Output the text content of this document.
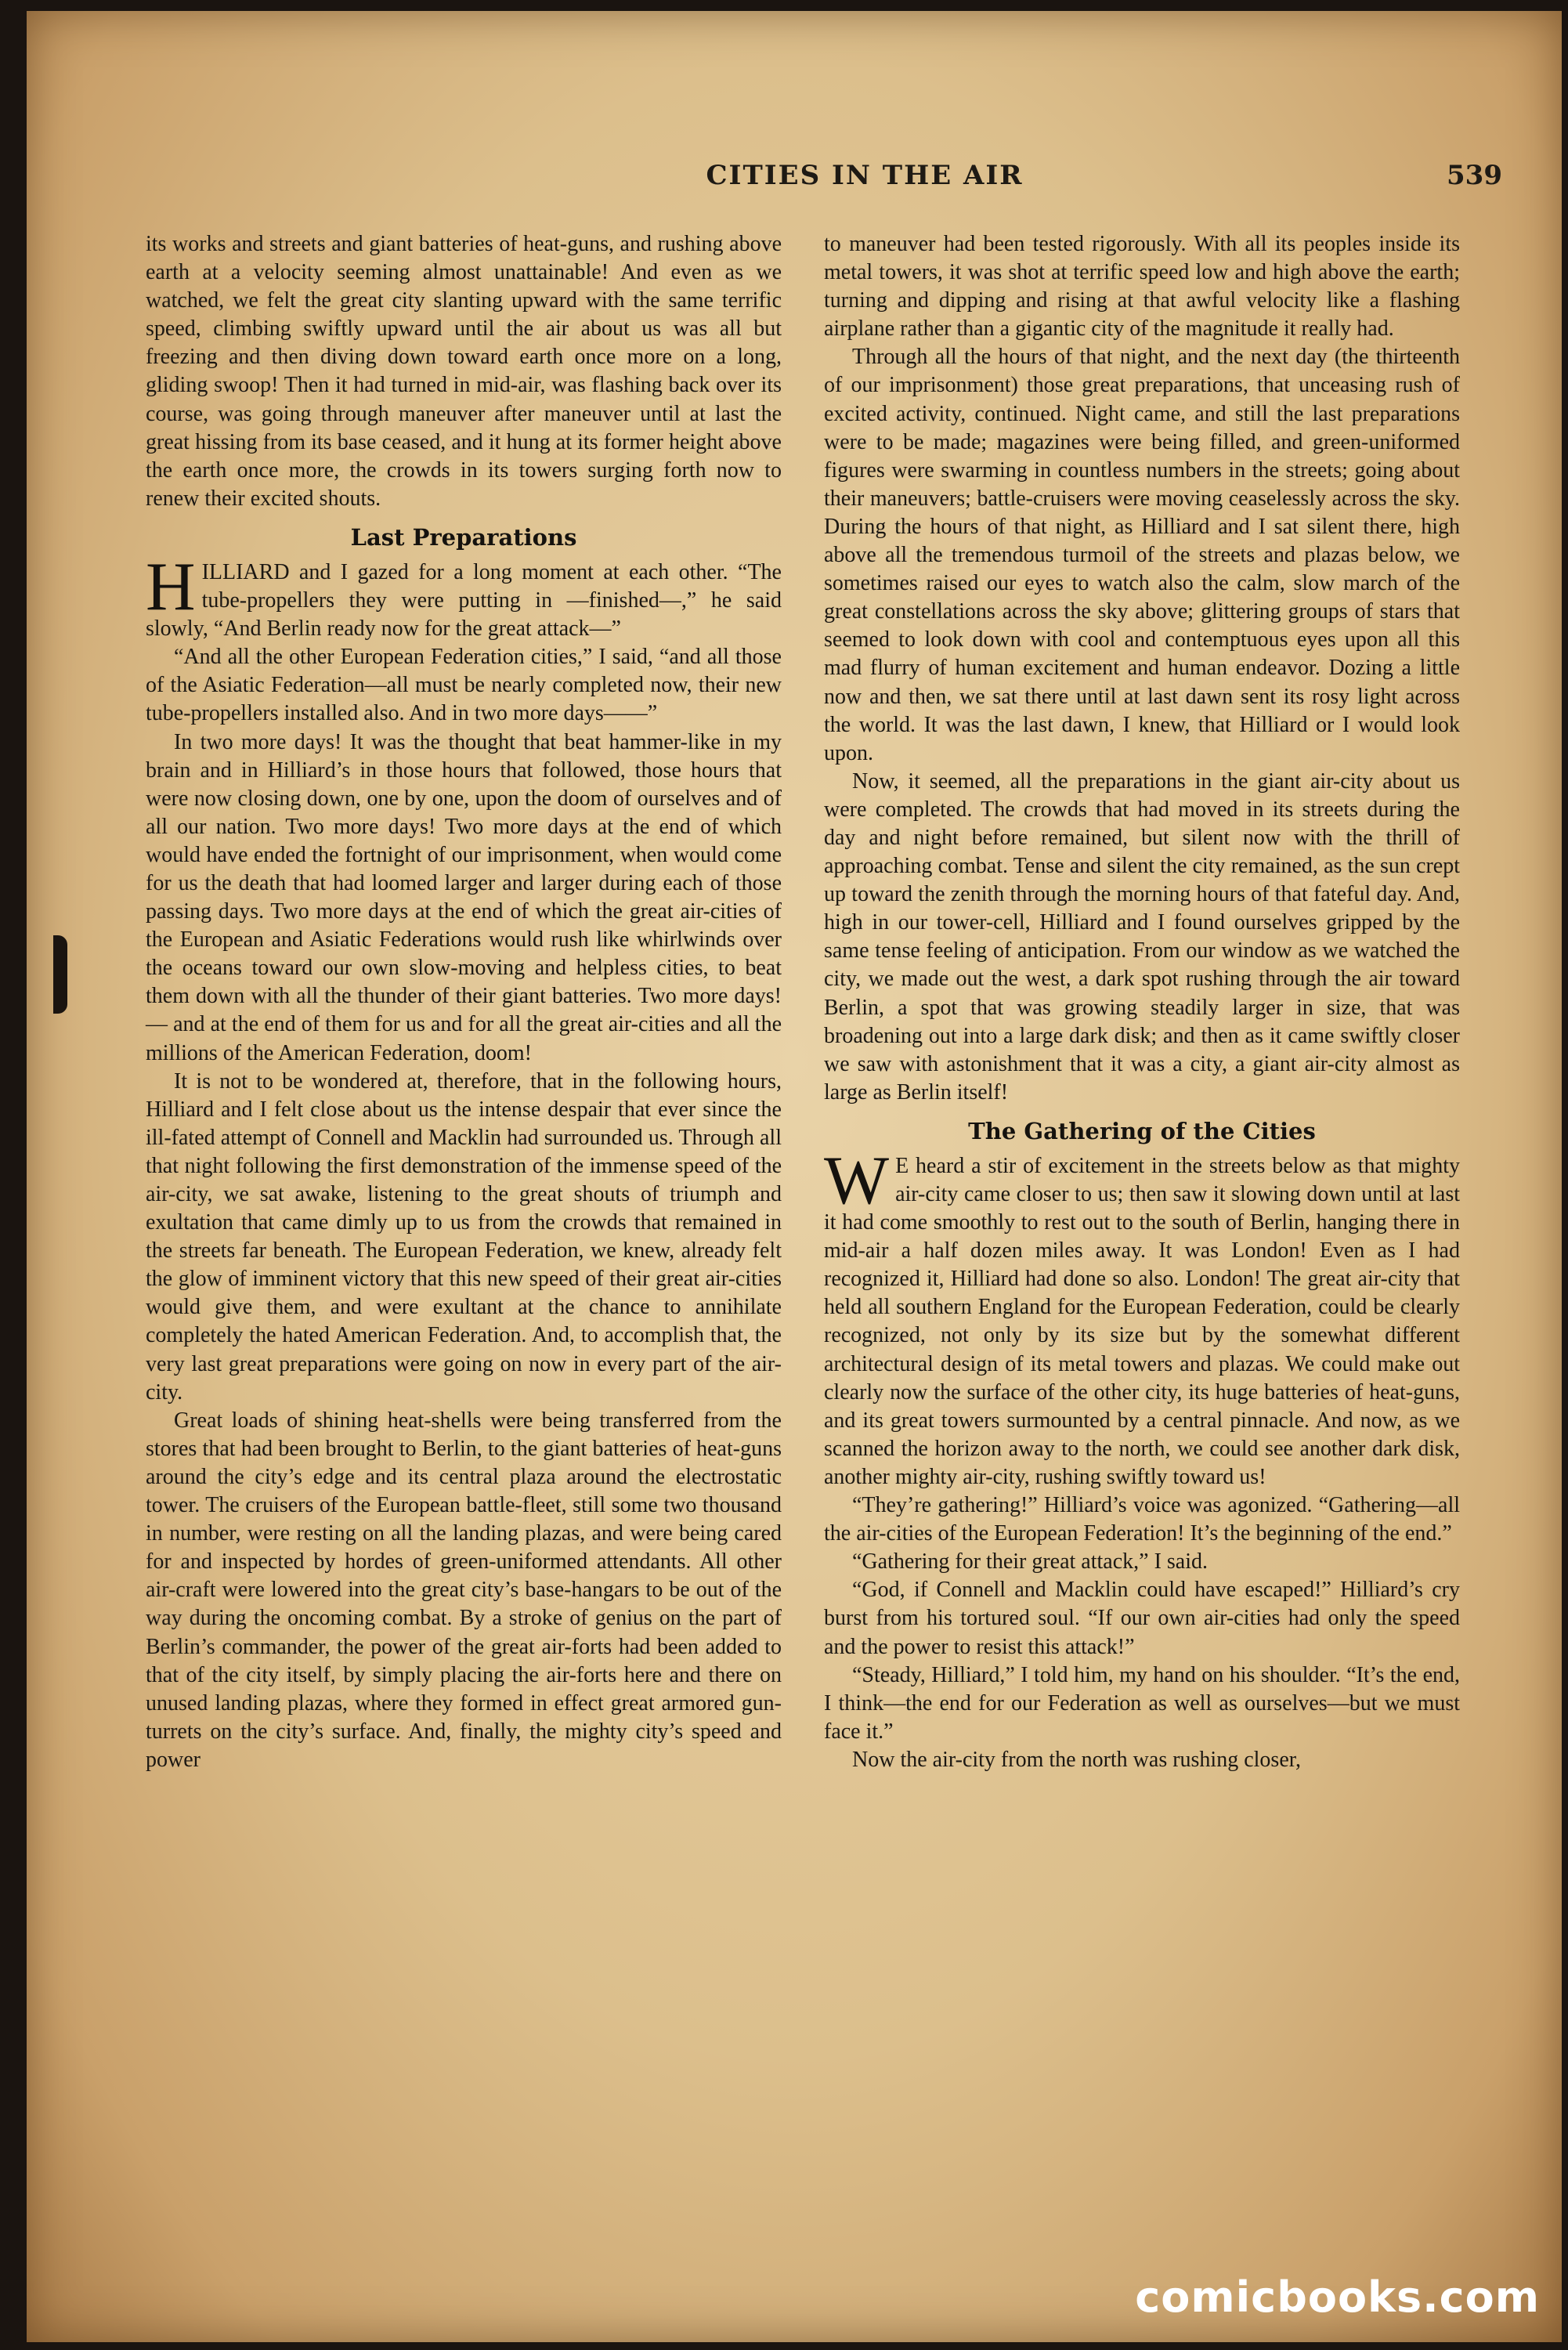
CITIES IN THE AIR	539

its works and streets and giant batteries of heat-guns, and rushing above earth at a velocity seeming almost unattainable! And even as we watched, we felt the great city slanting upward with the same terrific speed, climbing swiftly upward until the air about us was all but freezing and then diving down toward earth once more on a long, gliding swoop! Then it had turned in mid-air, was flashing back over its course, was going through maneuver after maneuver until at last the great hissing from its base ceased, and it hung at its former height above the earth once more, the crowds in its towers surging forth now to renew their excited shouts.

Last Preparations

HILLIARD and I gazed for a long moment at each other. “The tube-propellers they were putting in —finished—,” he said slowly, “And Berlin ready now for the great attack—”

“And all the other European Federation cities,” I said, “and all those of the Asiatic Federation—all must be nearly completed now, their new tube-propellers installed also. And in two more days——”

In two more days! It was the thought that beat hammer-like in my brain and in Hilliard’s in those hours that followed, those hours that were now closing down, one by one, upon the doom of ourselves and of all our nation. Two more days! Two more days at the end of which would have ended the fortnight of our imprisonment, when would come for us the death that had loomed larger and larger during each of those passing days. Two more days at the end of which the great air-cities of the European and Asiatic Federations would rush like whirlwinds over the oceans toward our own slow-moving and helpless cities, to beat them down with all the thunder of their giant batteries. Two more days!— and at the end of them for us and for all the great air-cities and all the millions of the American Federation, doom!

It is not to be wondered at, therefore, that in the following hours, Hilliard and I felt close about us the intense despair that ever since the ill-fated attempt of Connell and Macklin had surrounded us. Through all that night following the first demonstration of the immense speed of the air-city, we sat awake, listening to the great shouts of triumph and exultation that came dimly up to us from the crowds that remained in the streets far beneath. The European Federation, we knew, already felt the glow of imminent victory that this new speed of their great air-cities would give them, and were exultant at the chance to annihilate completely the hated American Federation. And, to accomplish that, the very last great preparations were going on now in every part of the air-city.

Great loads of shining heat-shells were being transferred from the stores that had been brought to Berlin, to the giant batteries of heat-guns around the city’s edge and its central plaza around the electrostatic tower. The cruisers of the European battle-fleet, still some two thousand in number, were resting on all the landing plazas, and were being cared for and inspected by hordes of green-uniformed attendants. All other air-craft were lowered into the great city’s base-hangars to be out of the way during the oncoming combat. By a stroke of genius on the part of Berlin’s commander, the power of the great air-forts had been added to that of the city itself, by simply placing the air-forts here and there on unused landing plazas, where they formed in effect great armored gun-turrets on the city’s surface. And, finally, the mighty city’s speed and power

to maneuver had been tested rigorously. With all its peoples inside its metal towers, it was shot at terrific speed low and high above the earth; turning and dipping and rising at that awful velocity like a flashing airplane rather than a gigantic city of the magnitude it really had.

Through all the hours of that night, and the next day (the thirteenth of our imprisonment) those great preparations, that unceasing rush of excited activity, continued. Night came, and still the last preparations were to be made; magazines were being filled, and green-uniformed figures were swarming in countless numbers in the streets; going about their maneuvers; battle-cruisers were moving ceaselessly across the sky. During the hours of that night, as Hilliard and I sat silent there, high above all the tremendous turmoil of the streets and plazas below, we sometimes raised our eyes to watch also the calm, slow march of the great constellations across the sky above; glittering groups of stars that seemed to look down with cool and contemptuous eyes upon all this mad flurry of human excitement and human endeavor. Dozing a little now and then, we sat there until at last dawn sent its rosy light across the world. It was the last dawn, I knew, that Hilliard or I would look upon.

Now, it seemed, all the preparations in the giant air-city about us were completed. The crowds that had moved in its streets during the day and night before remained, but silent now with the thrill of approaching combat. Tense and silent the city remained, as the sun crept up toward the zenith through the morning hours of that fateful day. And, high in our tower-cell, Hilliard and I found ourselves gripped by the same tense feeling of anticipation. From our window as we watched the city, we made out the west, a dark spot rushing through the air toward Berlin, a spot that was growing steadily larger in size, that was broadening out into a large dark disk; and then as it came swiftly closer we saw with astonishment that it was a city, a giant air-city almost as large as Berlin itself!

The Gathering of the Cities

W E heard a stir of excitement in the streets below as that mighty air-city came closer to us; then saw it slowing down until at last it had come smoothly to rest out to the south of Berlin, hanging there in mid-air a half dozen miles away. It was London! Even as I had recognized it, Hilliard had done so also. London! The great air-city that held all southern England for the European Federation, could be clearly recognized, not only by its size but by the somewhat different architectural design of its metal towers and plazas. We could make out clearly now the surface of the other city, its huge batteries of heat-guns, and its great towers surmounted by a central pinnacle. And now, as we scanned the horizon away to the north, we could see another dark disk, another mighty air-city, rushing swiftly toward us!

“They’re gathering!” Hilliard’s voice was agonized. “Gathering—all the air-cities of the European Federation! It’s the beginning of the end.”

“Gathering for their great attack,” I said.

“God, if Connell and Macklin could have escaped!” Hilliard’s cry burst from his tortured soul. “If our own air-cities had only the speed and the power to resist this attack!”

“Steady, Hilliard,” I told him, my hand on his shoulder. “It’s the end, I think—the end for our Federation as well as ourselves—but we must face it.”

Now the air-city from the north was rushing closer,

comicbooks.com
